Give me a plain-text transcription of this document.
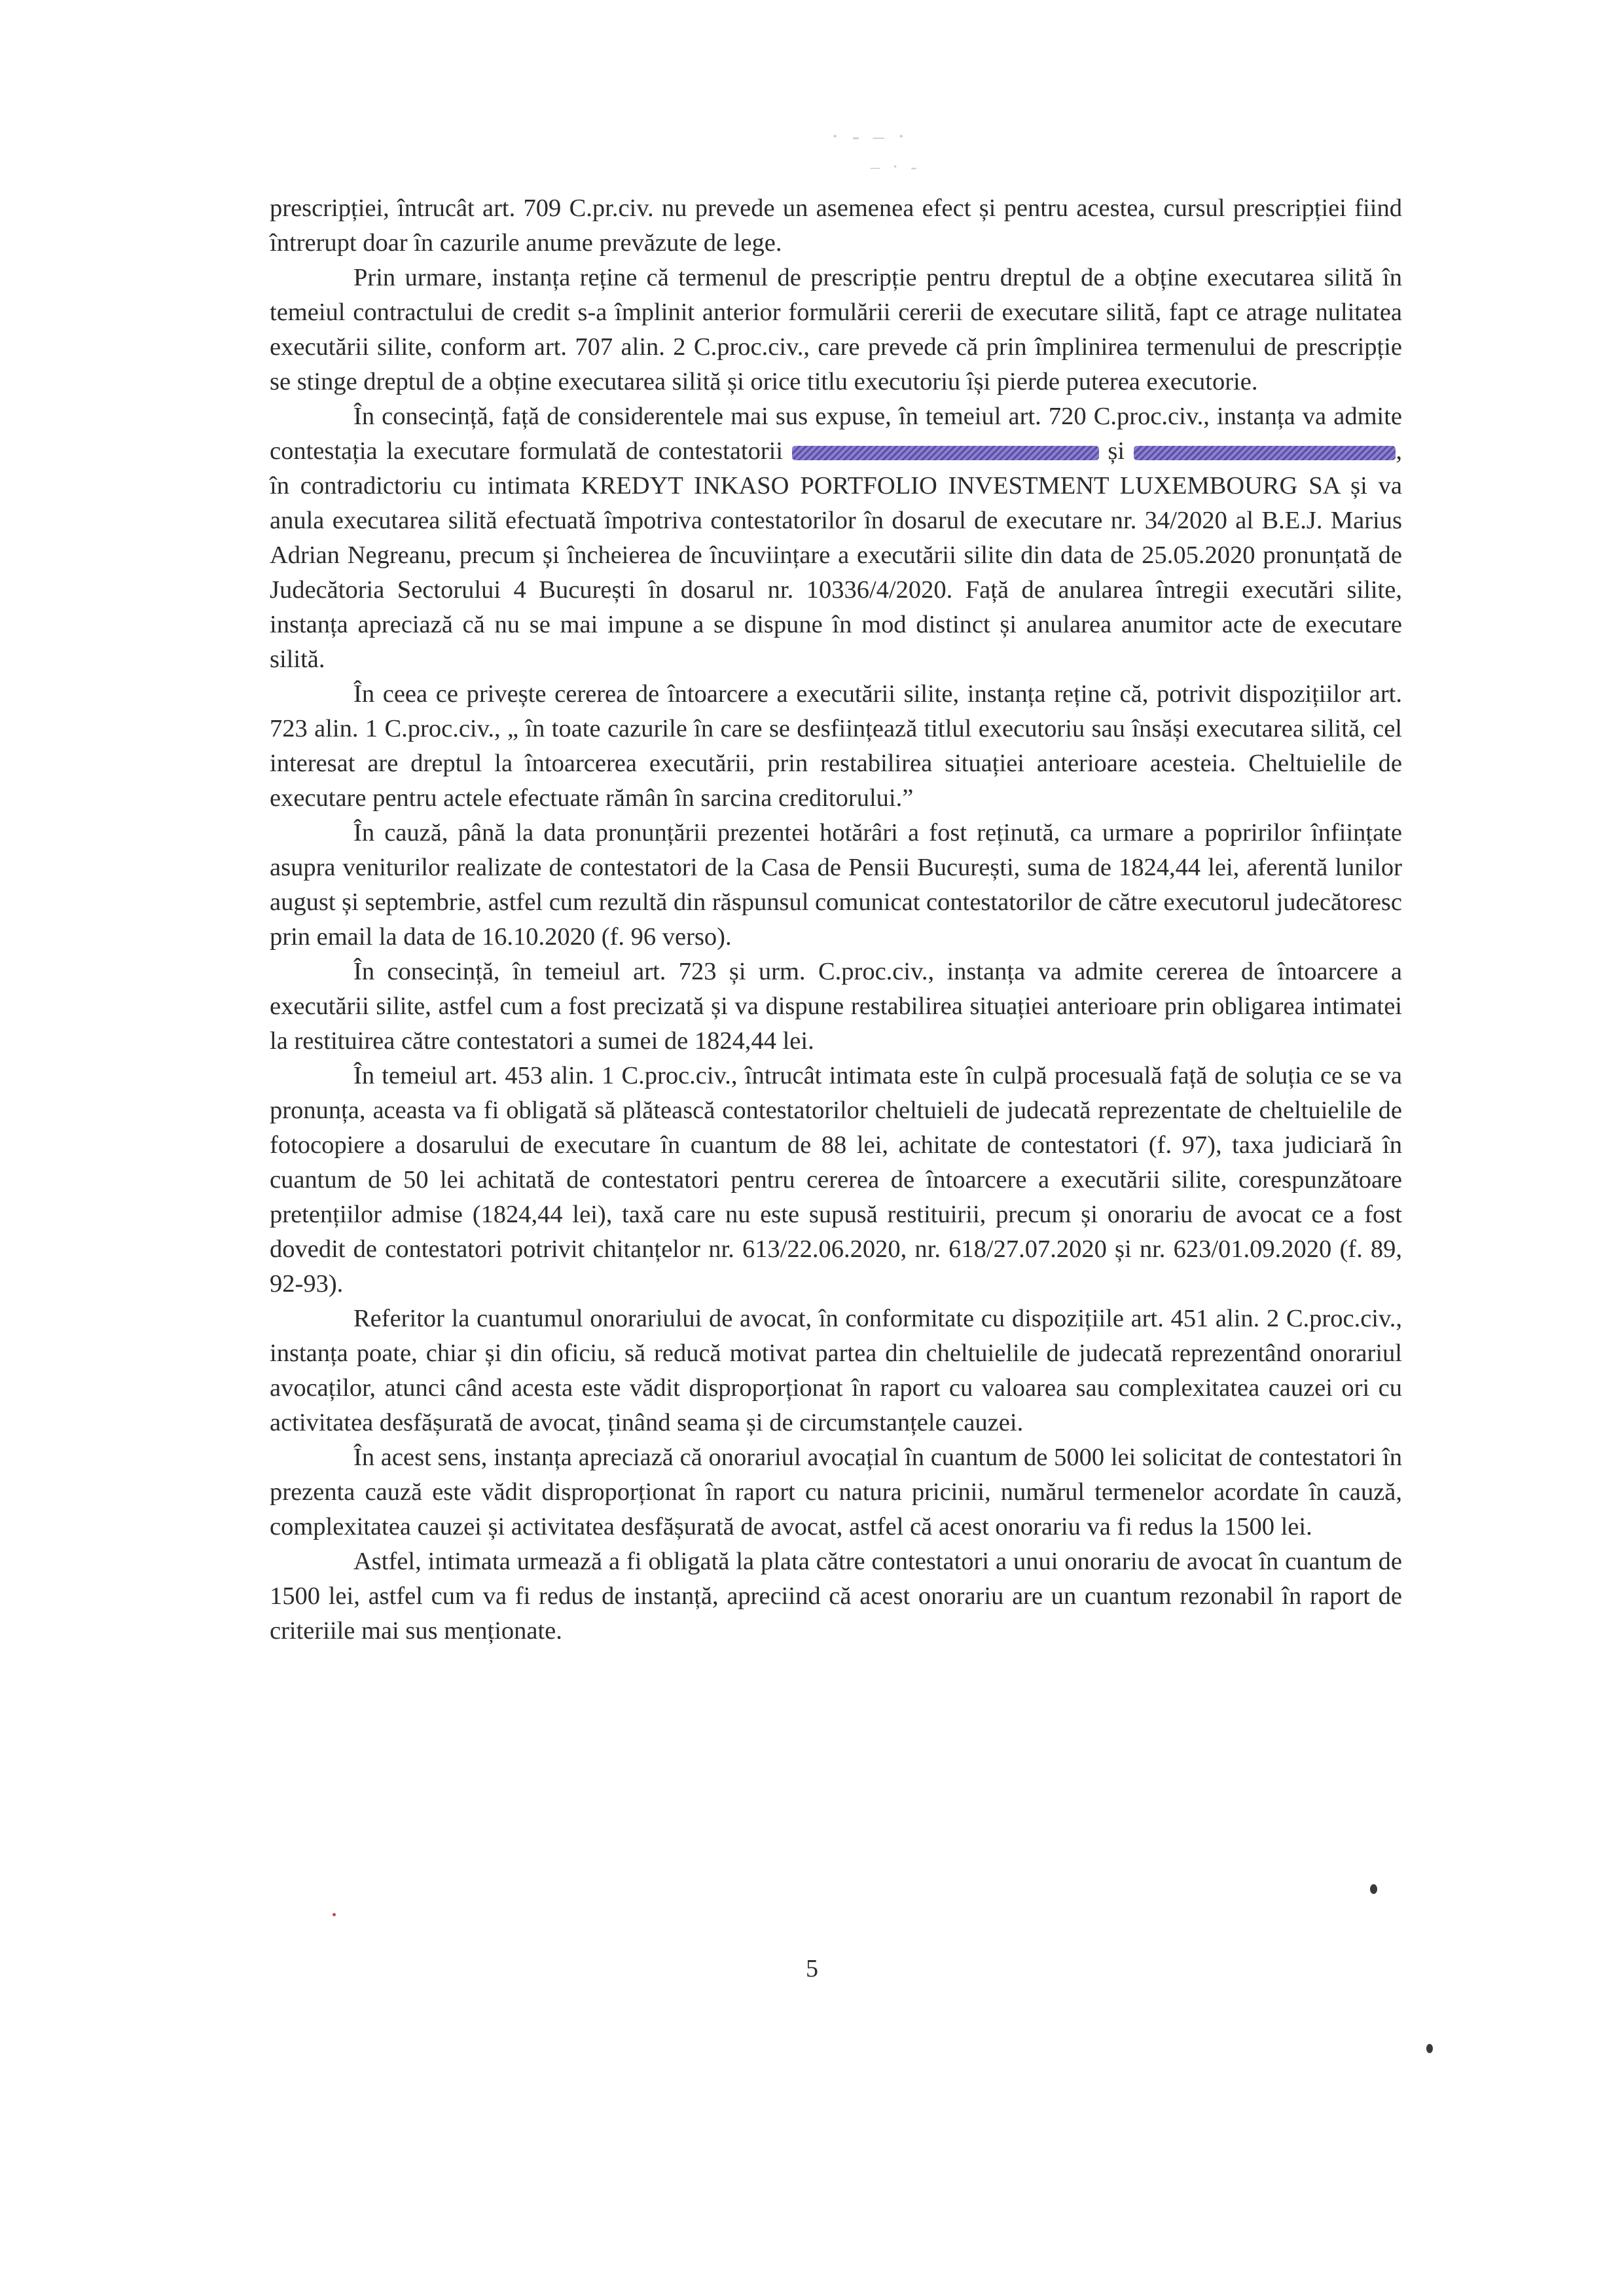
· ‐ – ·
– · ‐

prescripției, întrucât art. 709 C.pr.civ. nu prevede un asemenea efect și pentru acestea, cursul prescripției fiind întrerupt doar în cazurile anume prevăzute de lege.

Prin urmare, instanța reține că termenul de prescripție pentru dreptul de a obține executarea silită în temeiul contractului de credit s-a împlinit anterior formulării cererii de executare silită, fapt ce atrage nulitatea executării silite, conform art. 707 alin. 2 C.proc.civ., care prevede că prin împlinirea termenului de prescripție se stinge dreptul de a obține executarea silită și orice titlu executoriu își pierde puterea executorie.

În consecință, față de considerentele mai sus expuse, în temeiul art. 720 C.proc.civ., instanța va admite contestația la executare formulată de contestatorii	și	, în contradictoriu cu intimata KREDYT INKASO PORTFOLIO INVESTMENT LUXEMBOURG SA și va anula executarea silită efectuată împotriva contestatorilor în dosarul de executare nr. 34/2020 al B.E.J. Marius Adrian Negreanu, precum și încheierea de încuviințare a executării silite din data de 25.05.2020 pronunțată de Judecătoria Sectorului 4 București în dosarul nr. 10336/4/2020. Față de anularea întregii executări silite, instanța apreciază că nu se mai impune a se dispune în mod distinct și anularea anumitor acte de executare silită.

În ceea ce privește cererea de întoarcere a executării silite, instanța reține că, potrivit dispozițiilor art. 723 alin. 1 C.proc.civ., „ în toate cazurile în care se desființează titlul executoriu sau însăși executarea silită, cel interesat are dreptul la întoarcerea executării, prin restabilirea situației anterioare acesteia. Cheltuielile de executare pentru actele efectuate rămân în sarcina creditorului.”

În cauză, până la data pronunțării prezentei hotărâri a fost reținută, ca urmare a popririlor înființate asupra veniturilor realizate de contestatori de la Casa de Pensii București, suma de 1824,44 lei, aferentă lunilor august și septembrie, astfel cum rezultă din răspunsul comunicat contestatorilor de către executorul judecătoresc prin email la data de 16.10.2020 (f. 96 verso).

În consecință, în temeiul art. 723 și urm. C.proc.civ., instanța va admite cererea de întoarcere a executării silite, astfel cum a fost precizată și va dispune restabilirea situației anterioare prin obligarea intimatei la restituirea către contestatori a sumei de 1824,44 lei.

În temeiul art. 453 alin. 1 C.proc.civ., întrucât intimata este în culpă procesuală față de soluția ce se va pronunța, aceasta va fi obligată să plătească contestatorilor cheltuieli de judecată reprezentate de cheltuielile de fotocopiere a dosarului de executare în cuantum de 88 lei, achitate de contestatori (f. 97), taxa judiciară în cuantum de 50 lei achitată de contestatori pentru cererea de întoarcere a executării silite, corespunzătoare pretențiilor admise (1824,44 lei), taxă care nu este supusă restituirii, precum și onorariu de avocat ce a fost dovedit de contestatori potrivit chitanțelor nr. 613/22.06.2020, nr. 618/27.07.2020 și nr. 623/01.09.2020 (f. 89, 92-93).

Referitor la cuantumul onorariului de avocat, în conformitate cu dispozițiile art. 451 alin. 2 C.proc.civ., instanța poate, chiar și din oficiu, să reducă motivat partea din cheltuielile de judecată reprezentând onorariul avocaților, atunci când acesta este vădit disproporționat în raport cu valoarea sau complexitatea cauzei ori cu activitatea desfășurată de avocat, ținând seama și de circumstanțele cauzei.

În acest sens, instanța apreciază că onorariul avocațial în cuantum de 5000 lei solicitat de contestatori în prezenta cauză este vădit disproporționat în raport cu natura pricinii, numărul termenelor acordate în cauză, complexitatea cauzei și activitatea desfășurată de avocat, astfel că acest onorariu va fi redus la 1500 lei.

Astfel, intimata urmează a fi obligată la plata către contestatori a unui onorariu de avocat în cuantum de 1500 lei, astfel cum va fi redus de instanță, apreciind că acest onorariu are un cuantum rezonabil în raport de criteriile mai sus menționate.

5
